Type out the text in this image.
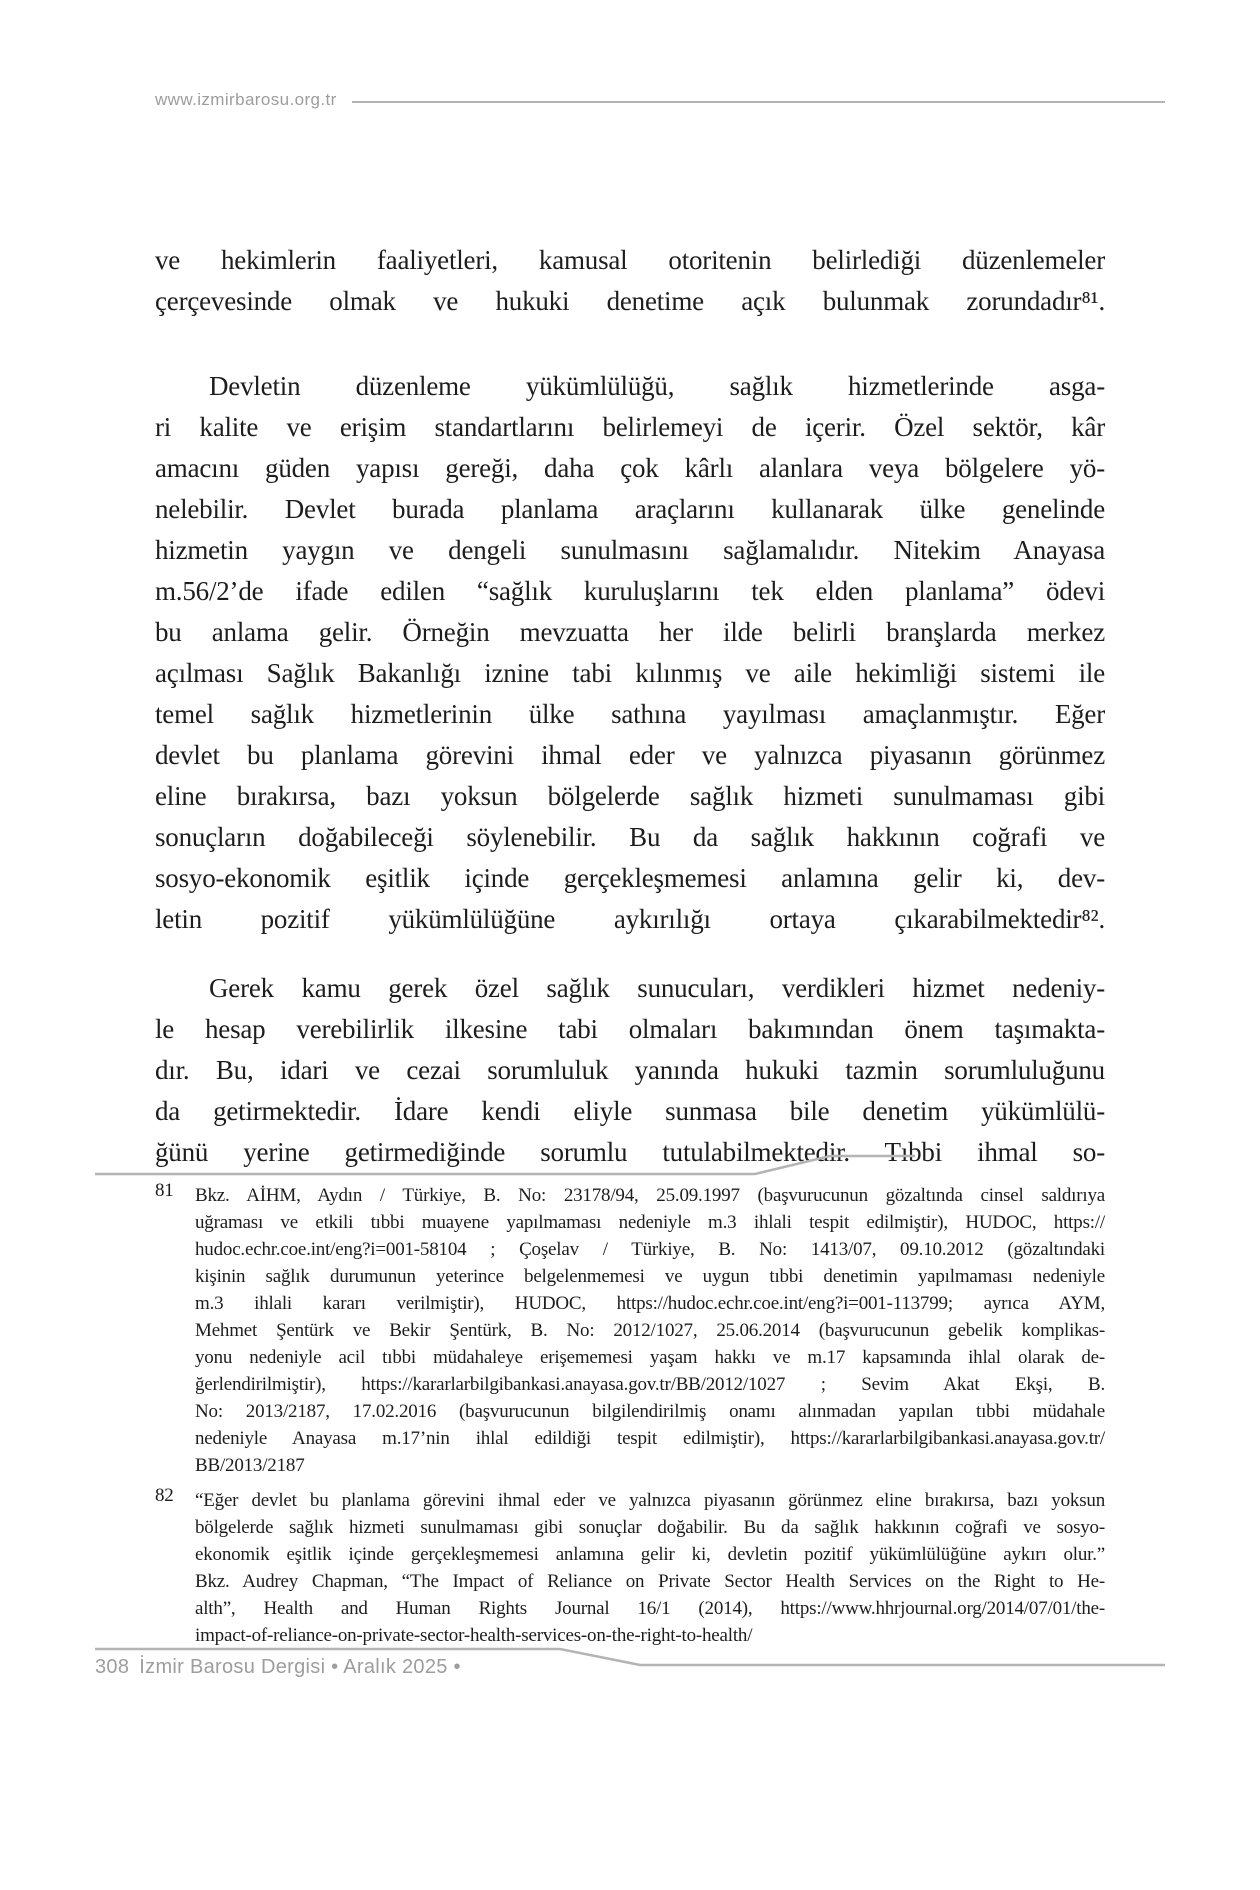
www.izmirbarosu.org.tr
ve hekimlerin faaliyetleri, kamusal otoritenin belirlediği düzenlemeler
çerçevesinde olmak ve hukuki denetime açık bulunmak zorundadır⁸¹.
Devletin düzenleme yükümlülüğü, sağlık hizmetlerinde asga-
ri kalite ve erişim standartlarını belirlemeyi de içerir. Özel sektör, kâr
amacını güden yapısı gereği, daha çok kârlı alanlara veya bölgelere yö-
nelebilir. Devlet burada planlama araçlarını kullanarak ülke genelinde
hizmetin yaygın ve dengeli sunulmasını sağlamalıdır. Nitekim Anayasa
m.56/2’de ifade edilen “sağlık kuruluşlarını tek elden planlama” ödevi
bu anlama gelir. Örneğin mevzuatta her ilde belirli branşlarda merkez
açılması Sağlık Bakanlığı iznine tabi kılınmış ve aile hekimliği sistemi ile
temel sağlık hizmetlerinin ülke sathına yayılması amaçlanmıştır. Eğer
devlet bu planlama görevini ihmal eder ve yalnızca piyasanın görünmez
eline bırakırsa, bazı yoksun bölgelerde sağlık hizmeti sunulmaması gibi
sonuçların doğabileceği söylenebilir. Bu da sağlık hakkının coğrafi ve
sosyo-ekonomik eşitlik içinde gerçekleşmemesi anlamına gelir ki, dev-
letin pozitif yükümlülüğüne aykırılığı ortaya çıkarabilmektedir⁸².
Gerek kamu gerek özel sağlık sunucuları, verdikleri hizmet nedeniy-
le hesap verebilirlik ilkesine tabi olmaları bakımından önem taşımakta-
dır. Bu, idari ve cezai sorumluluk yanında hukuki tazmin sorumluluğunu
da getirmektedir. İdare kendi eliyle sunmasa bile denetim yükümlülü-
ğünü yerine getirmediğinde sorumlu tutulabilmektedir. Tıbbi ihmal so-
81 Bkz. AİHM, Aydın / Türkiye, B. No: 23178/94, 25.09.1997 (başvurucunun gözaltında cinsel saldırıya
uğraması ve etkili tıbbi muayene yapılmaması nedeniyle m.3 ihlali tespit edilmiştir), HUDOC, https://
hudoc.echr.coe.int/eng?i=001-58104 ; Çoşelav / Türkiye, B. No: 1413/07, 09.10.2012 (gözaltındaki
kişinin sağlık durumunun yeterince belgelenmemesi ve uygun tıbbi denetimin yapılmaması nedeniyle
m.3 ihlali kararı verilmiştir), HUDOC, https://hudoc.echr.coe.int/eng?i=001-113799; ayrıca AYM,
Mehmet Şentürk ve Bekir Şentürk, B. No: 2012/1027, 25.06.2014 (başvurucunun gebelik komplikas-
yonu nedeniyle acil tıbbi müdahaleye erişememesi yaşam hakkı ve m.17 kapsamında ihlal olarak de-
ğerlendirilmiştir), https://kararlarbilgibankasi.anayasa.gov.tr/BB/2012/1027 ; Sevim Akat Ekşi, B.
No: 2013/2187, 17.02.2016 (başvurucunun bilgilendirilmiş onamı alınmadan yapılan tıbbi müdahale
nedeniyle Anayasa m.17’nin ihlal edildiği tespit edilmiştir), https://kararlarbilgibankasi.anayasa.gov.tr/
BB/2013/2187
82 “Eğer devlet bu planlama görevini ihmal eder ve yalnızca piyasanın görünmez eline bırakırsa, bazı yoksun
bölgelerde sağlık hizmeti sunulmaması gibi sonuçlar doğabilir. Bu da sağlık hakkının coğrafi ve sosyo-
ekonomik eşitlik içinde gerçekleşmemesi anlamına gelir ki, devletin pozitif yükümlülüğüne aykırı olur.”
Bkz. Audrey Chapman, “The Impact of Reliance on Private Sector Health Services on the Right to He-
alth”, Health and Human Rights Journal 16/1 (2014), https://www.hhrjournal.org/2014/07/01/the-
impact-of-reliance-on-private-sector-health-services-on-the-right-to-health/
308 İzmir Barosu Dergisi • Aralık 2025 •
